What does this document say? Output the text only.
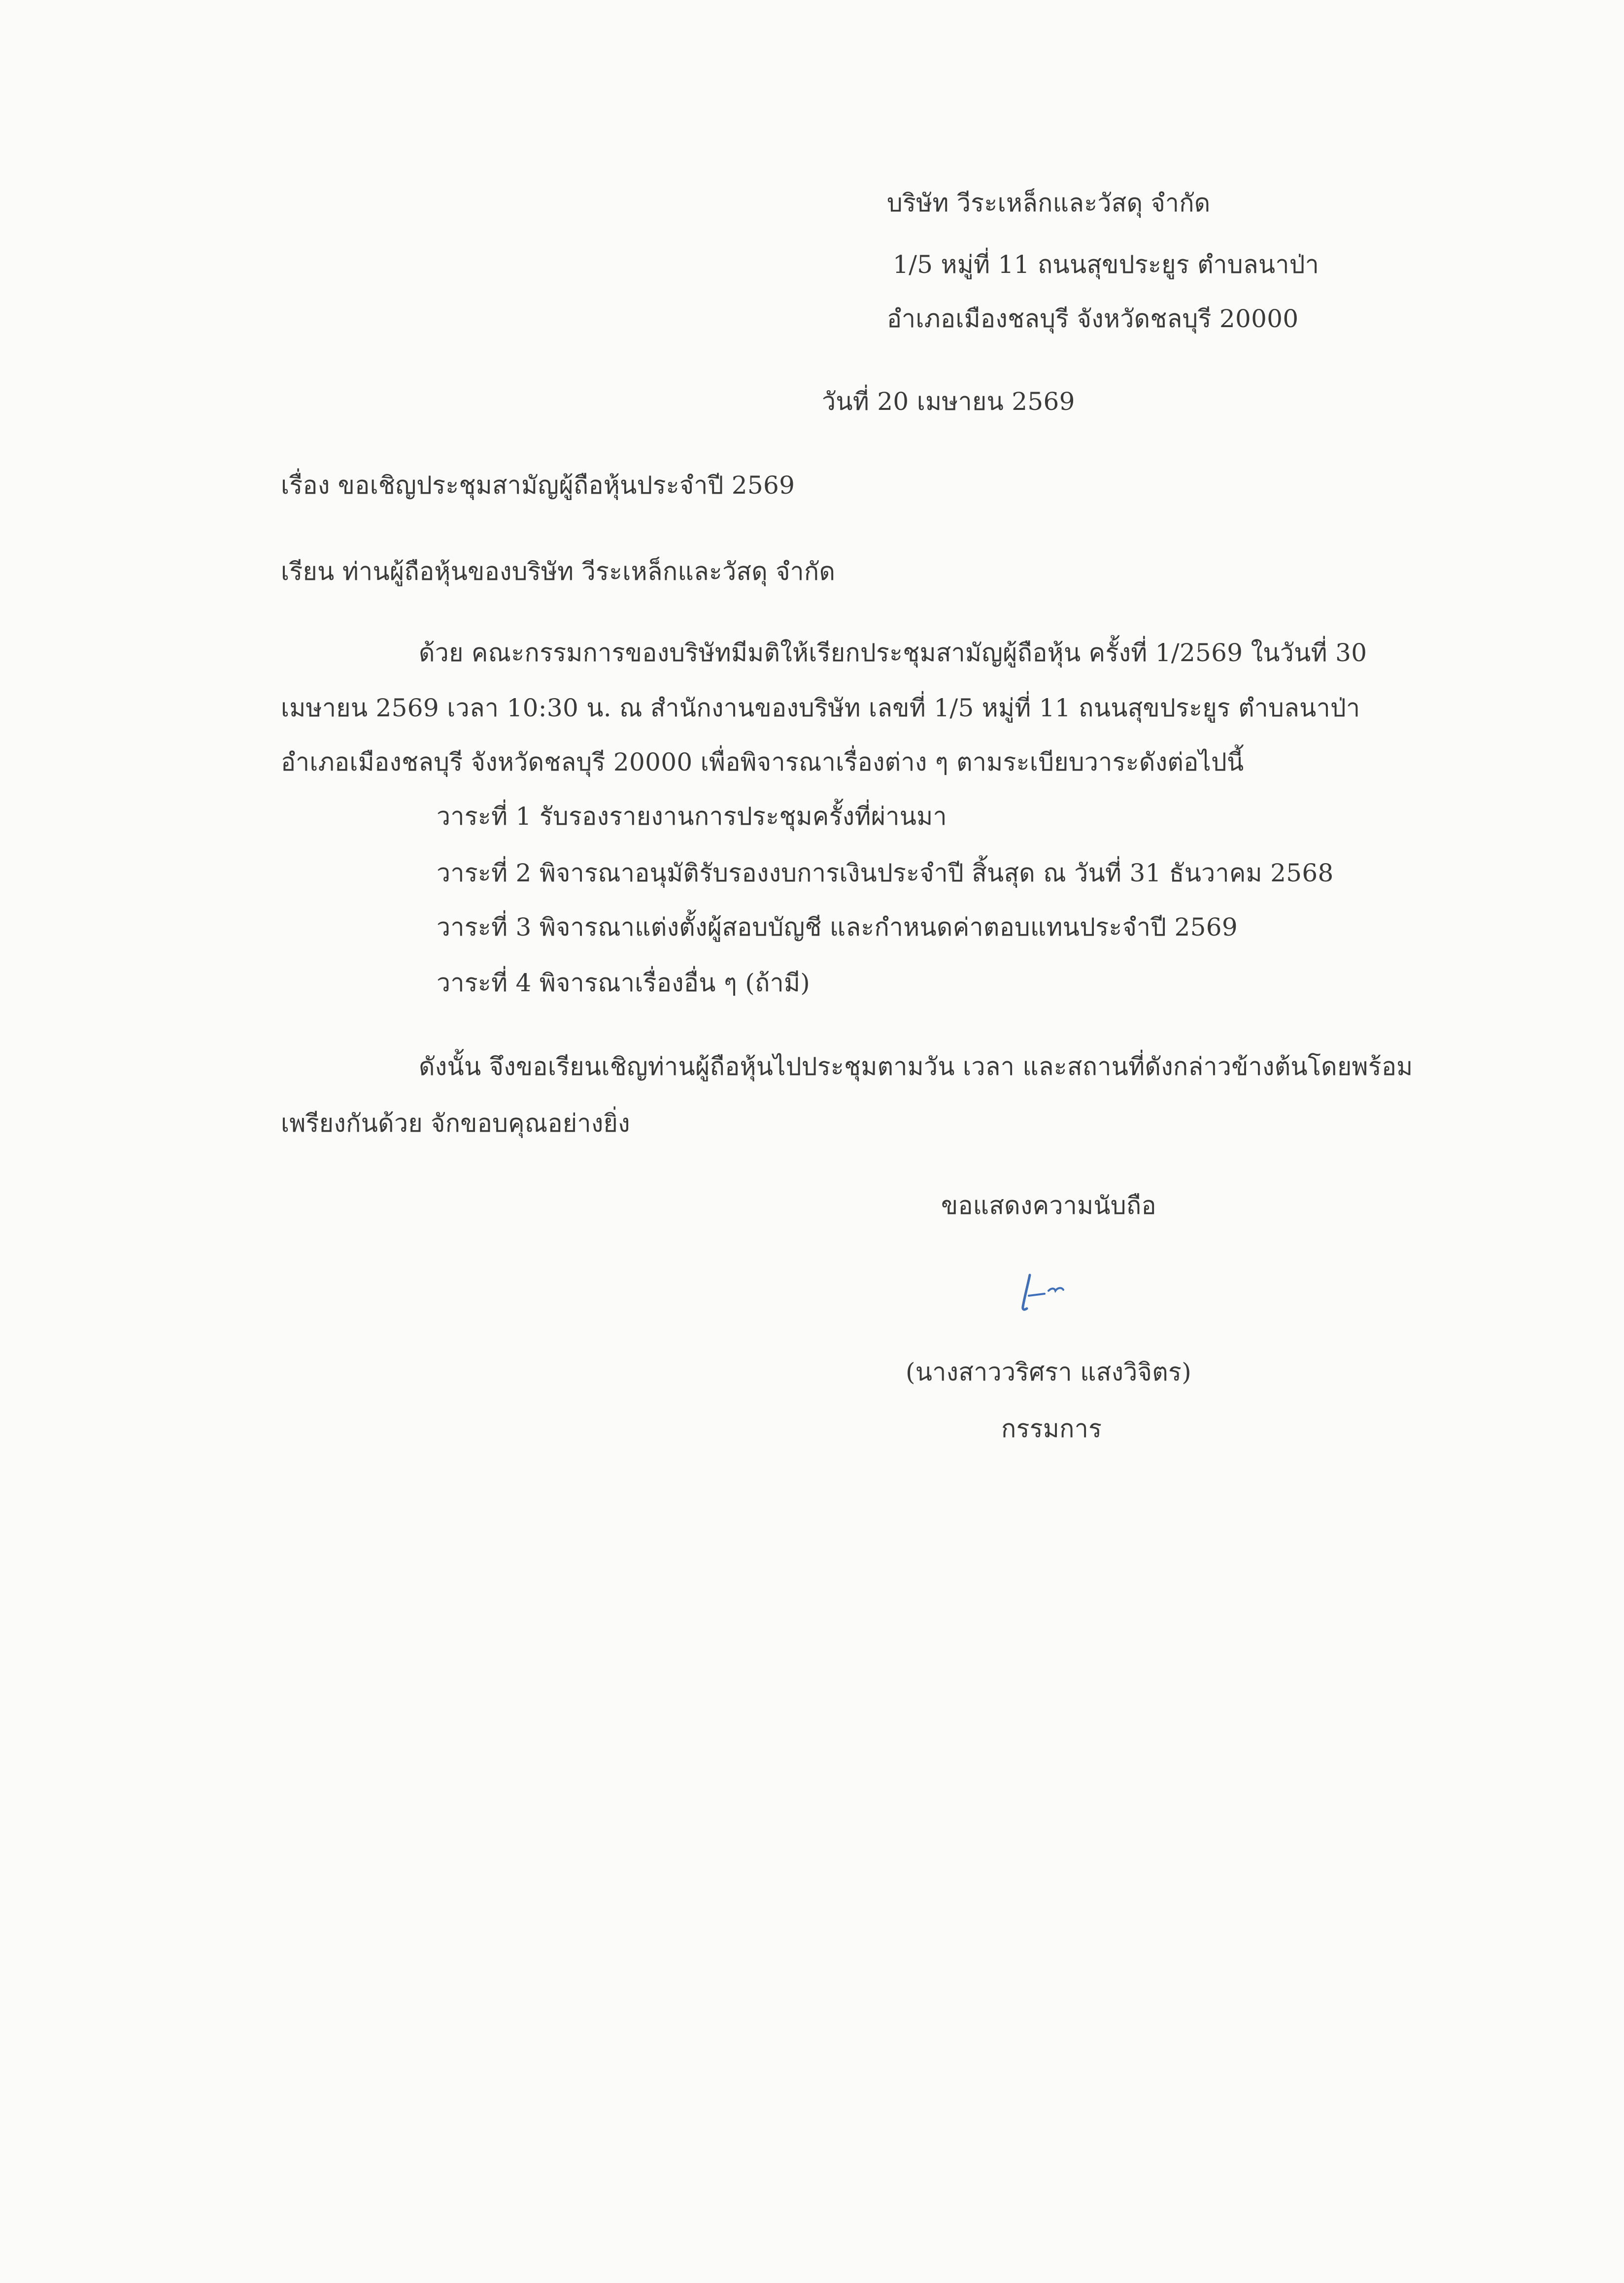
บริษัท วีระเหล็กและวัสดุ จำกัด
1/5 หมู่ที่ 11 ถนนสุขประยูร ตำบลนาป่า
อำเภอเมืองชลบุรี จังหวัดชลบุรี 20000
วันที่ 20 เมษายน 2569
เรื่อง ขอเชิญประชุมสามัญผู้ถือหุ้นประจำปี 2569
เรียน ท่านผู้ถือหุ้นของบริษัท วีระเหล็กและวัสดุ จำกัด
ด้วย คณะกรรมการของบริษัทมีมติให้เรียกประชุมสามัญผู้ถือหุ้น ครั้งที่ 1/2569 ในวันที่ 30
เมษายน 2569 เวลา 10:30 น. ณ สำนักงานของบริษัท เลขที่ 1/5 หมู่ที่ 11 ถนนสุขประยูร ตำบลนาป่า
อำเภอเมืองชลบุรี จังหวัดชลบุรี 20000 เพื่อพิจารณาเรื่องต่าง ๆ ตามระเบียบวาระดังต่อไปนี้
วาระที่ 1 รับรองรายงานการประชุมครั้งที่ผ่านมา
วาระที่ 2 พิจารณาอนุมัติรับรองงบการเงินประจำปี สิ้นสุด ณ วันที่ 31 ธันวาคม 2568
วาระที่ 3 พิจารณาแต่งตั้งผู้สอบบัญชี และกำหนดค่าตอบแทนประจำปี 2569
วาระที่ 4 พิจารณาเรื่องอื่น ๆ (ถ้ามี)
ดังนั้น จึงขอเรียนเชิญท่านผู้ถือหุ้นไปประชุมตามวัน เวลา และสถานที่ดังกล่าวข้างต้นโดยพร้อม
เพรียงกันด้วย จักขอบคุณอย่างยิ่ง
ขอแสดงความนับถือ
(นางสาววริศรา แสงวิจิตร)
กรรมการ
